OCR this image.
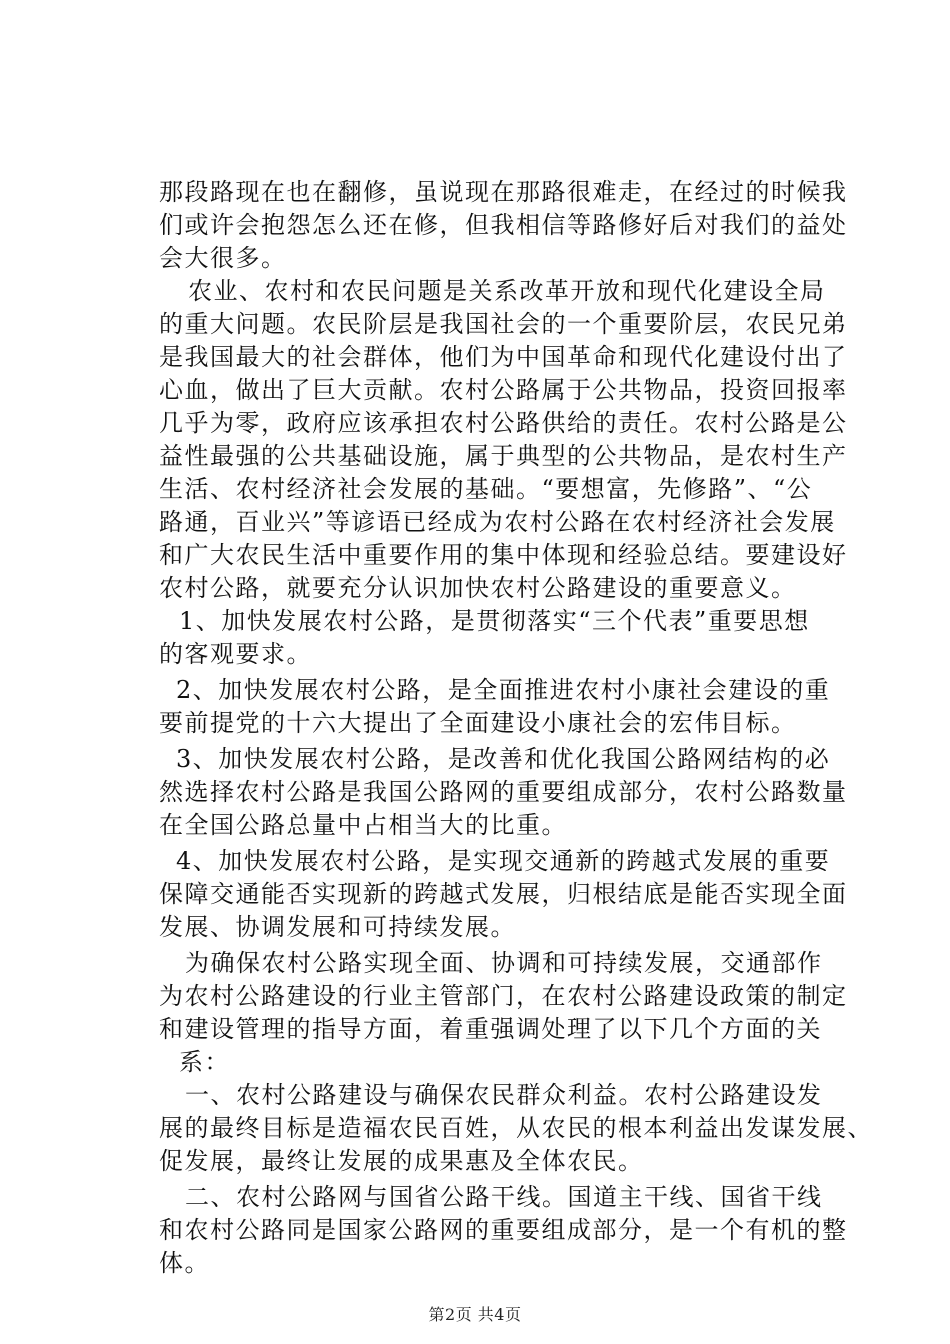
那段路现在也在翻修，虽说现在那路很难走，在经过的时候我
们或许会抱怨怎么还在修，但我相信等路修好后对我们的益处
会大很多。
农业、农村和农民问题是关系改革开放和现代化建设全局
的重大问题。农民阶层是我国社会的一个重要阶层，农民兄弟
是我国最大的社会群体，他们为中国革命和现代化建设付出了
心血，做出了巨大贡献。农村公路属于公共物品，投资回报率
几乎为零，政府应该承担农村公路供给的责任。农村公路是公
益性最强的公共基础设施，属于典型的公共物品，是农村生产
生活、农村经济社会发展的基础。“要想富，先修路”、“公
路通，百业兴”等谚语已经成为农村公路在农村经济社会发展
和广大农民生活中重要作用的集中体现和经验总结。要建设好
农村公路，就要充分认识加快农村公路建设的重要意义。
1、加快发展农村公路，是贯彻落实“三个代表”重要思想
的客观要求。
2、加快发展农村公路，是全面推进农村小康社会建设的重
要前提党的十六大提出了全面建设小康社会的宏伟目标。
3、加快发展农村公路，是改善和优化我国公路网结构的必
然选择农村公路是我国公路网的重要组成部分，农村公路数量
在全国公路总量中占相当大的比重。
4、加快发展农村公路，是实现交通新的跨越式发展的重要
保障交通能否实现新的跨越式发展，归根结底是能否实现全面
发展、协调发展和可持续发展。
为确保农村公路实现全面、协调和可持续发展，交通部作
为农村公路建设的行业主管部门，在农村公路建设政策的制定
和建设管理的指导方面，着重强调处理了以下几个方面的关
系：
一、农村公路建设与确保农民群众利益。农村公路建设发
展的最终目标是造福农民百姓，从农民的根本利益出发谋发展、
促发展，最终让发展的成果惠及全体农民。
二、农村公路网与国省公路干线。国道主干线、国省干线
和农村公路同是国家公路网的重要组成部分，是一个有机的整
体。
第2页 共4页
